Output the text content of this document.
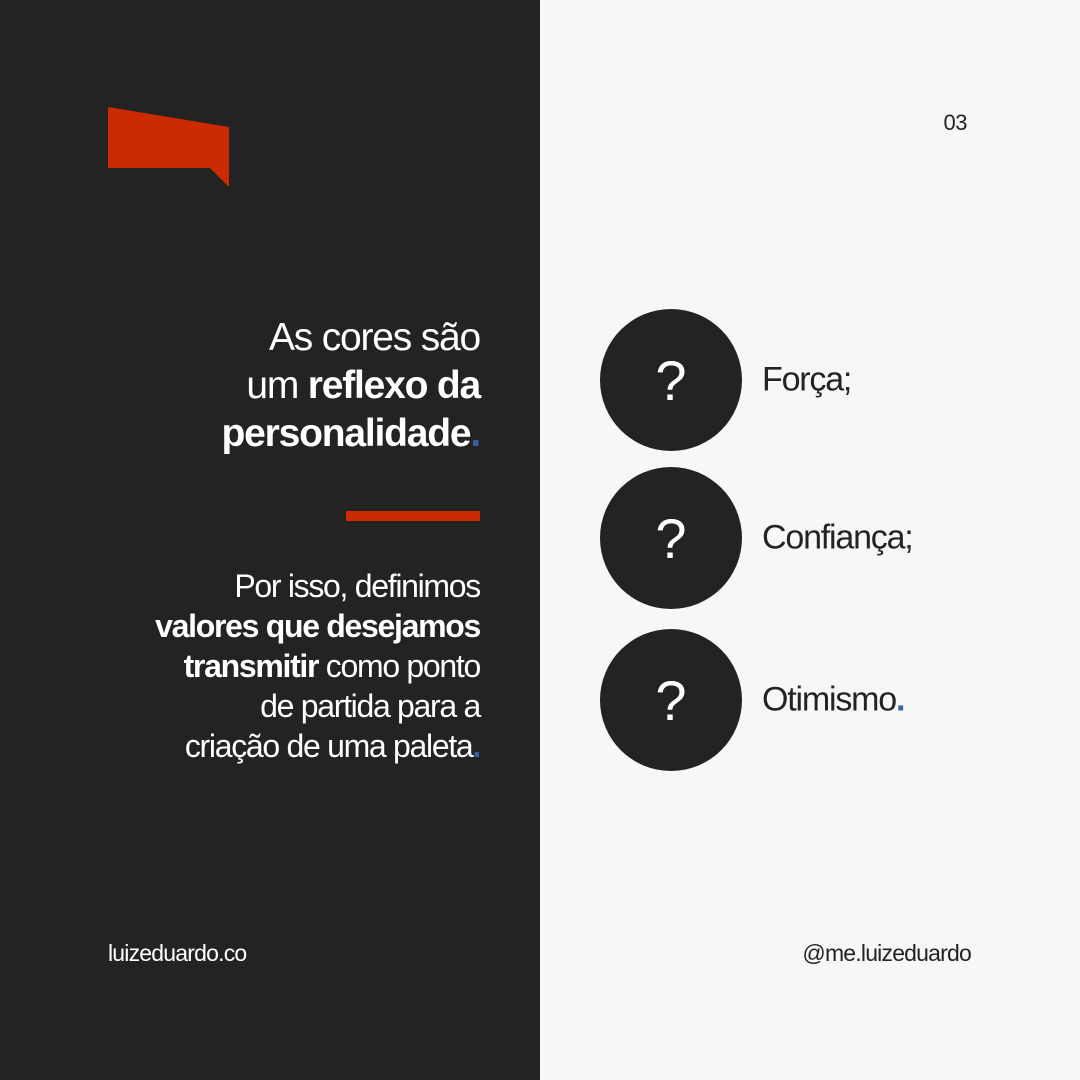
03
As cores são
um reflexo da
personalidade.
Por isso, definimos
valores que desejamos
transmitir como ponto
de partida para a
criação de uma paleta.
?	Força;
?	Confiança;
?	Otimismo.
luizeduardo.co	@me.luizeduardo
